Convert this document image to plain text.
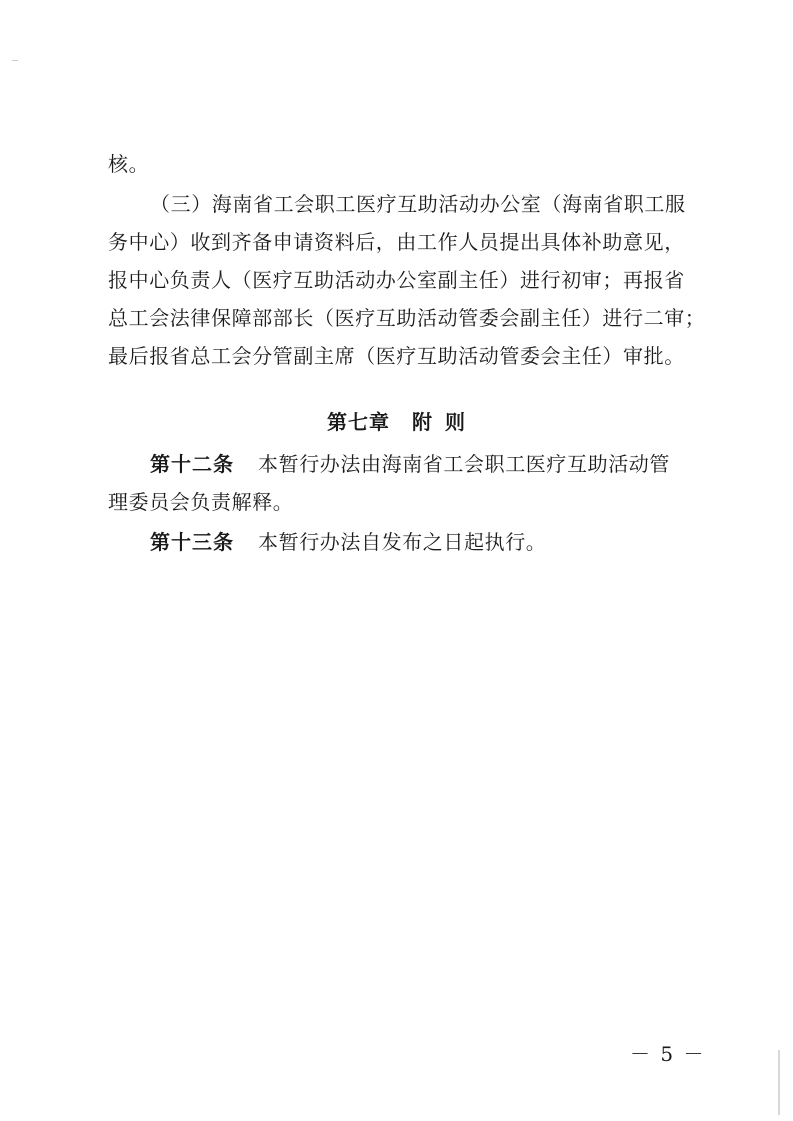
核。
（三）海南省工会职工医疗互助活动办公室（海南省职工服
务中心）收到齐备申请资料后，由工作人员提出具体补助意见，
报中心负责人（医疗互助活动办公室副主任）进行初审；再报省
总工会法律保障部部长（医疗互助活动管委会副主任）进行二审；
最后报省总工会分管副主席（医疗互助活动管委会主任）审批。
第七章 附 则
第十二条 本暂行办法由海南省工会职工医疗互助活动管
理委员会负责解释。
第十三条 本暂行办法自发布之日起执行。
－ 5 －
